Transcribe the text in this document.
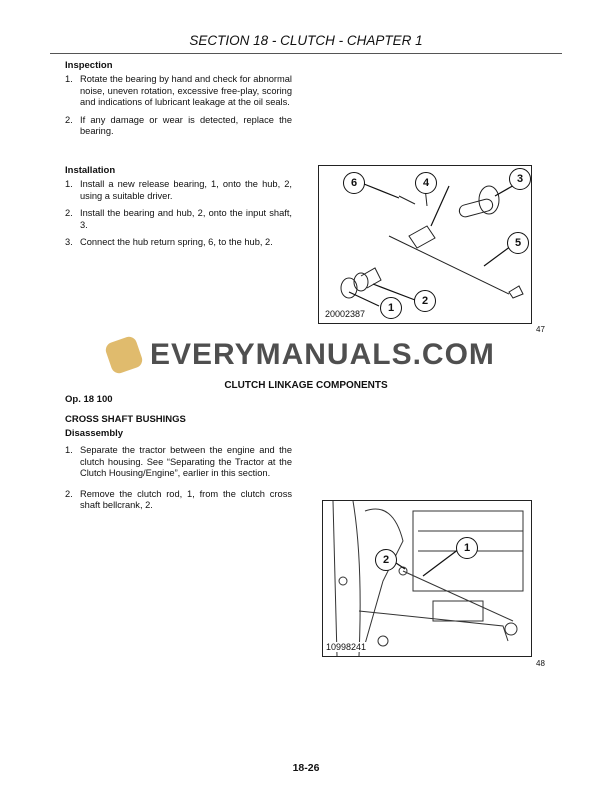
SECTION 18 - CLUTCH - CHAPTER 1
Inspection
1. Rotate the bearing by hand and check for abnormal noise, uneven rotation, excessive free-play, scoring and indications of lubricant leakage at the oil seals.
2. If any damage or wear is detected, replace the bearing.
Installation
1. Install a new release bearing, 1, onto the hub, 2, using a suitable driver.
2. Install the bearing and hub, 2, onto the input shaft, 3.
3. Connect the hub return spring, 6, to the hub, 2.
6	4	3
5
2
1
20002387
47
CLUTCH LINKAGE COMPONENTS
Op. 18 100
CROSS SHAFT BUSHINGS
Disassembly
1. Separate the tractor between the engine and the clutch housing. See “Separating the Tractor at the Clutch Housing/Engine”, earlier in this section.
2. Remove the clutch rod, 1, from the clutch cross shaft bellcrank, 2.
2
1
10998241
48
EVERYMANUALS.COM
18-26
